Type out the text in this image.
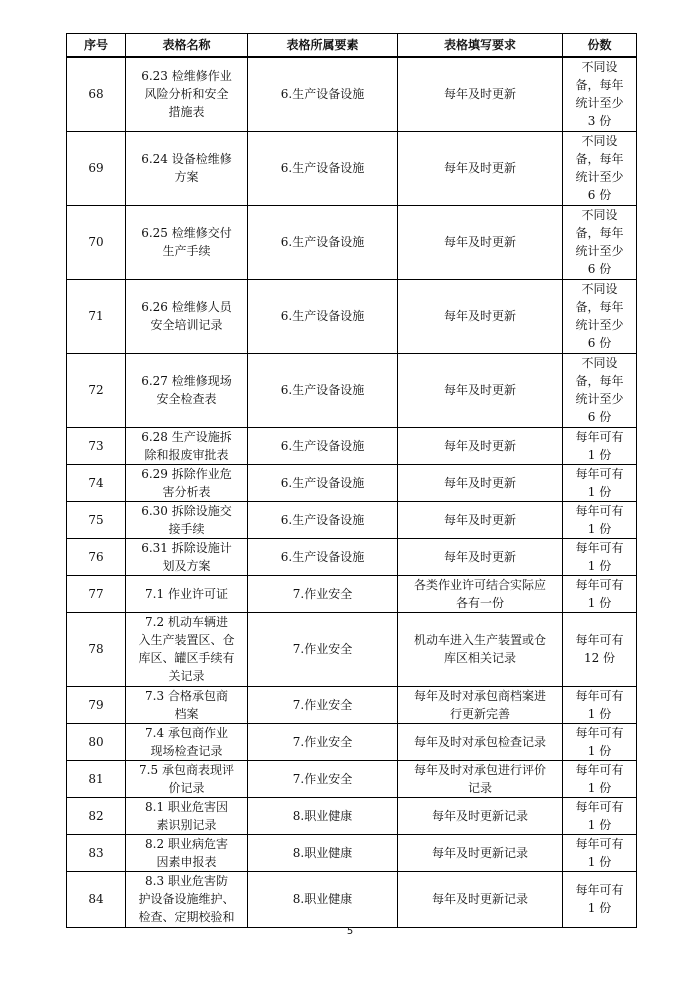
序号	表格名称	表格所属要素	表格填写要求	份数

68	6.23 检维修作业
风险分析和安全
措施表	6.生产设备设施	每年及时更新	不同设
备，每年
统计至少
3 份

69	6.24 设备检维修
方案	6.生产设备设施	每年及时更新	不同设
备，每年
统计至少
6 份

70	6.25 检维修交付
生产手续	6.生产设备设施	每年及时更新	不同设
备，每年
统计至少
6 份

71	6.26 检维修人员
安全培训记录	6.生产设备设施	每年及时更新	不同设
备，每年
统计至少
6 份

72	6.27 检维修现场
安全检查表	6.生产设备设施	每年及时更新	不同设
备，每年
统计至少
6 份

73	6.28 生产设施拆
除和报废审批表	6.生产设备设施	每年及时更新	每年可有
1 份

74	6.29 拆除作业危
害分析表	6.生产设备设施	每年及时更新	每年可有
1 份

75	6.30 拆除设施交
接手续	6.生产设备设施	每年及时更新	每年可有
1 份

76	6.31 拆除设施计
划及方案	6.生产设备设施	每年及时更新	每年可有
1 份

77	7.1 作业许可证	7.作业安全	各类作业许可结合实际应
各有一份	每年可有
1 份

78	7.2 机动车辆进
入生产装置区、仓
库区、罐区手续有
关记录	7.作业安全	机动车进入生产装置或仓
库区相关记录	每年可有
12 份

79	7.3 合格承包商
档案	7.作业安全	每年及时对承包商档案进
行更新完善	每年可有
1 份

80	7.4 承包商作业
现场检查记录	7.作业安全	每年及时对承包检查记录	每年可有
1 份

81	7.5 承包商表现评
价记录	7.作业安全	每年及时对承包进行评价
记录	每年可有
1 份

82	8.1 职业危害因
素识别记录	8.职业健康	每年及时更新记录	每年可有
1 份

83	8.2 职业病危害
因素申报表	8.职业健康	每年及时更新记录	每年可有
1 份

84	8.3 职业危害防
护设备设施维护、
检查、定期校验和	8.职业健康	每年及时更新记录	每年可有
1 份
5
